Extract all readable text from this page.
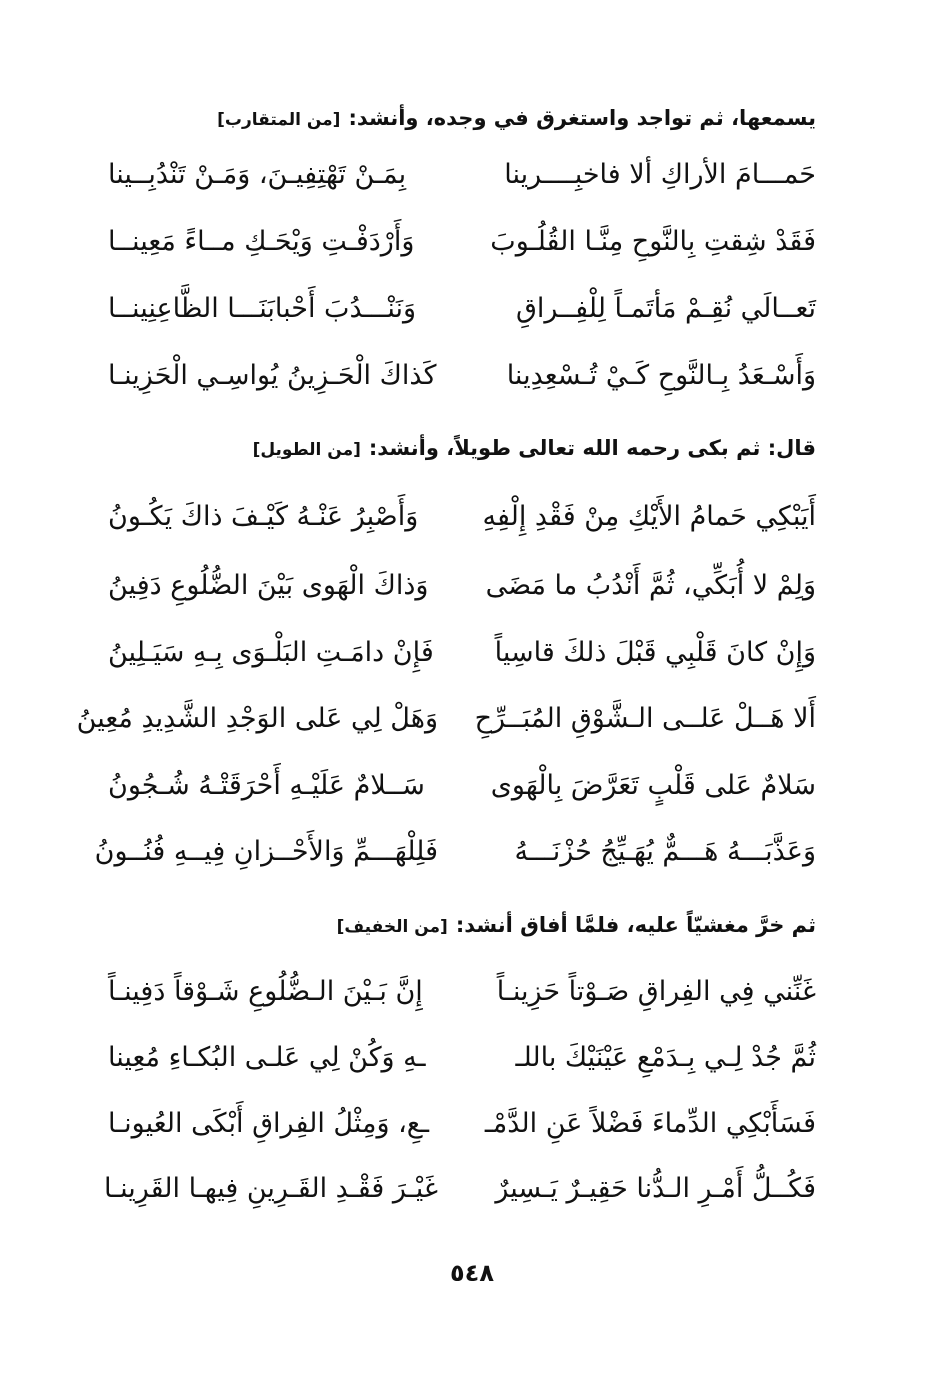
يسمعها، ثم تواجد واستغرق في وجده، وأنشد:[من المتقارب]
حَمـــامَ الأراكِ ألا فاخبِــــرينا
بِمَـنْ تَهْتِفِيـنَ، وَمَـنْ تَنْدُبِــينا
فَقَدْ شِقتِ بِالنَّوحِ مِنَّـا القُلُـوبَ
وَأَرْدَفْـتِ وَيْحَـكِ مــاءً مَعِينــا
تَعــالَي نُقِـمْ مَأتَمـاً لِلْفِــراقِ
وَنَنْـــدُبَ أَحْبابَنَـــا الظَّاعِنِينــا
وَأَسْـعَدُ بِـالنَّوحِ كَـيْ تُـسْعِدِينا
كَذاكَ الْحَـزِينُ يُواسِـي الْحَزِينـا
قال: ثم بكى رحمه الله تعالى طويلاً، وأنشد:[من الطويل]
أَيَبْكِي حَمامُ الأَيْكِ مِنْ فَقْدِ إِلْفِهِ
وَأَصْبِرُ عَنْـهُ كَيْـفَ ذاكَ يَكُـونُ
وَلِمْ لا أُبَكِّي، ثُمَّ أَنْدُبُ ما مَضَى
وَذاكَ الْهَوى بَيْنَ الضُّلُوعِ دَفِينُ
وَإِنْ كانَ قَلْبِي قَبْلَ ذلكَ قاسِياً
فَإِنْ دامَـتِ البَلْـوَى بِـهِ سَيَـلِينُ
أَلا هَــلْ عَلــى الـشَّوْقِ المُبَــرِّحِ
وَهَلْ لِي عَلى الوَجْدِ الشَّدِيدِ مُعِينُ
سَلامٌ عَلى قَلْبٍ تَعَرَّضَ بِالْهَوى
سَــلامٌ عَلَيْـهِ أَحْرَقَتْـهُ شُـجُونُ
وَعَذَّبَـــهُ هَـــمٌّ يُهَـيِّجُ حُزْنَـــهُ
فَلِلْهَـــمِّ وَالأَحْــزانِ فِيــهِ فُنُــونُ
ثم خرَّ مغشيّاً عليه، فلمَّا أفاق أنشد:[من الخفيف]
غَنِّني فِي الفِراقِ صَـوْتاً حَزِينـاً
إِنَّ بَـيْنَ الـضُّلُوعِ شَـوْقاً دَفِينـاً
ثُمَّ جُدْ لِـي بِـدَمْعِ عَيْنَيْكَ باللـ
ـهِ وَكُنْ لِي عَلـى البُكـاءِ مُعِينا
فَسَأَبْكِي الدِّماءَ فَضْلاً عَنِ الدَّمْـ
ـعِ، وَمِثْلُ الفِراقِ أَبْكَى العُيونـا
فَكُــلُّ أَمْـرِ الـدُّنا حَقِيـرٌ يَـسِيرٌ
غَيْـرَ فَقْـدِ القَـرِينِ فِيهـا القَرِينـا
٥٤٨
